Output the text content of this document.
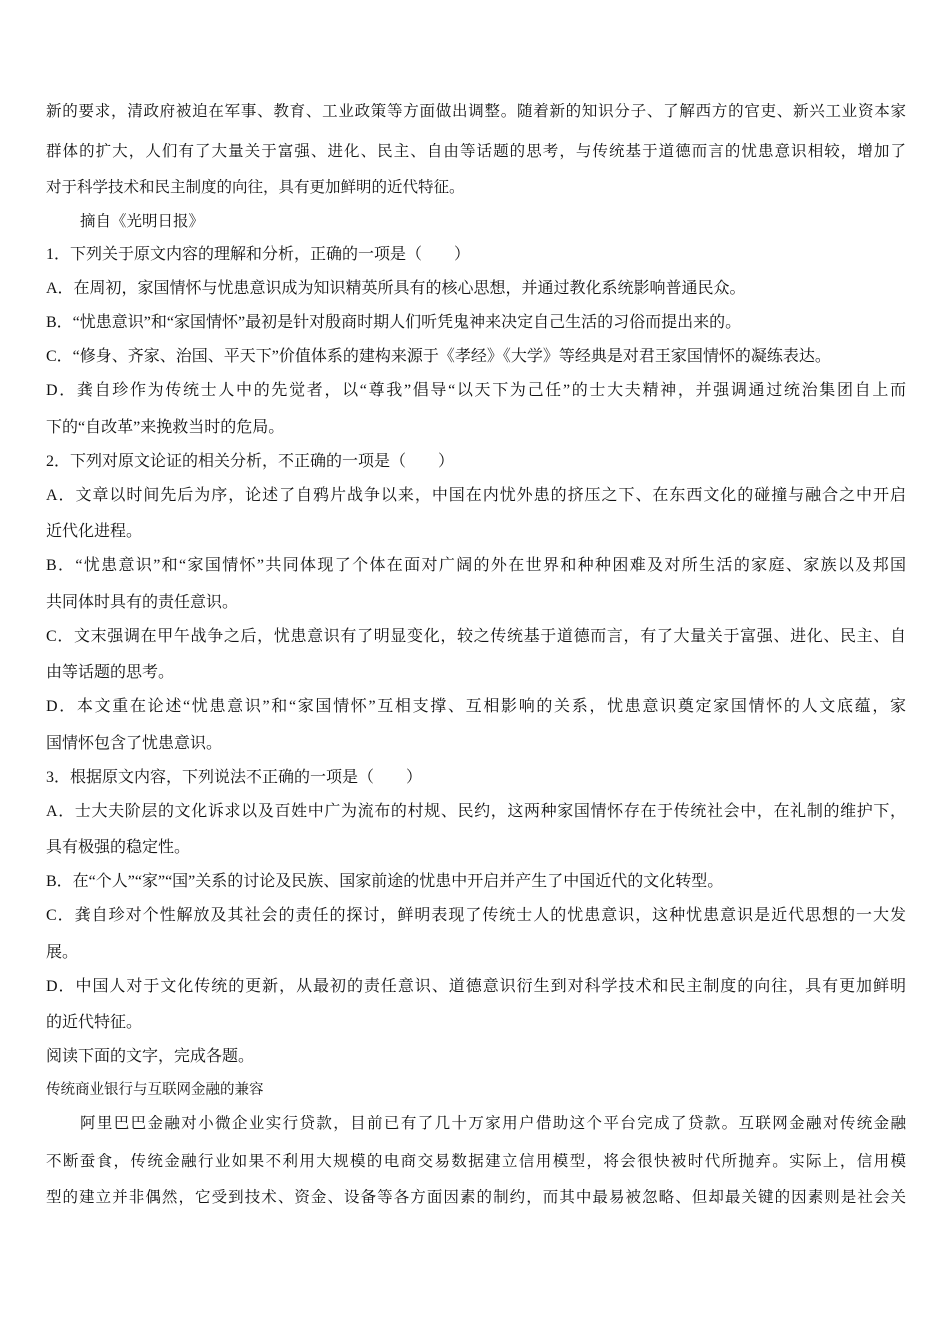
新的要求，清政府被迫在军事、教育、工业政策等方面做出调整。随着新的知识分子、了解西方的官吏、新兴工业资本家
群体的扩大，人们有了大量关于富强、进化、民主、自由等话题的思考，与传统基于道德而言的忧患意识相较，增加了
对于科学技术和民主制度的向往，具有更加鲜明的近代特征。
摘自《光明日报》
1．下列关于原文内容的理解和分析，正确的一项是（　　）
A．在周初，家国情怀与忧患意识成为知识精英所具有的核心思想，并通过教化系统影响普通民众。
B．“忧患意识”和“家国情怀”最初是针对殷商时期人们听凭鬼神来决定自己生活的习俗而提出来的。
C．“修身、齐家、治国、平天下”价值体系的建构来源于《孝经》《大学》等经典是对君王家国情怀的凝练表达。
D．龚自珍作为传统士人中的先觉者，以“尊我”倡导“以天下为己任”的士大夫精神，并强调通过统治集团自上而
下的“自改革”来挽救当时的危局。
2．下列对原文论证的相关分析，不正确的一项是（　　）
A．文章以时间先后为序，论述了自鸦片战争以来，中国在内忧外患的挤压之下、在东西文化的碰撞与融合之中开启
近代化进程。
B．“忧患意识”和“家国情怀”共同体现了个体在面对广阔的外在世界和种种困难及对所生活的家庭、家族以及邦国
共同体时具有的责任意识。
C．文末强调在甲午战争之后，忧患意识有了明显变化，较之传统基于道德而言，有了大量关于富强、进化、民主、自
由等话题的思考。
D．本文重在论述“忧患意识”和“家国情怀”互相支撑、互相影响的关系，忧患意识奠定家国情怀的人文底蕴，家
国情怀包含了忧患意识。
3．根据原文内容，下列说法不正确的一项是（　　）
A．士大夫阶层的文化诉求以及百姓中广为流布的村规、民约，这两种家国情怀存在于传统社会中，在礼制的维护下，
具有极强的稳定性。
B．在“个人”“家”“国”关系的讨论及民族、国家前途的忧患中开启并产生了中国近代的文化转型。
C．龚自珍对个性解放及其社会的责任的探讨，鲜明表现了传统士人的忧患意识，这种忧患意识是近代思想的一大发
展。
D．中国人对于文化传统的更新，从最初的责任意识、道德意识衍生到对科学技术和民主制度的向往，具有更加鲜明
的近代特征。
阅读下面的文字，完成各题。
传统商业银行与互联网金融的兼容
阿里巴巴金融对小微企业实行贷款，目前已有了几十万家用户借助这个平台完成了贷款。互联网金融对传统金融
不断蚕食，传统金融行业如果不利用大规模的电商交易数据建立信用模型，将会很快被时代所抛弃。实际上，信用模
型的建立并非偶然，它受到技术、资金、设备等各方面因素的制约，而其中最易被忽略、但却最关键的因素则是社会关
